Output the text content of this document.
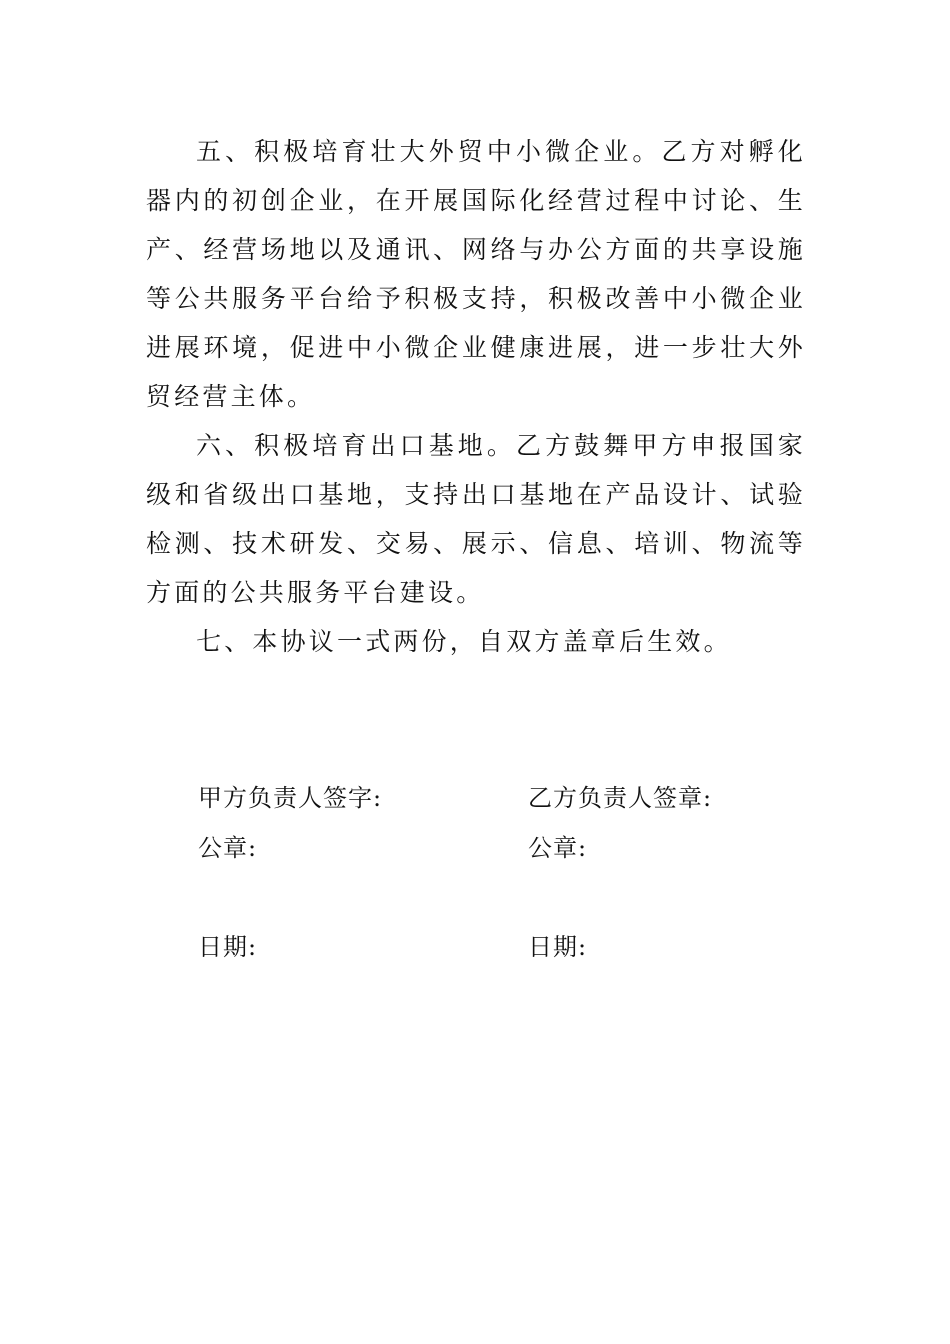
五、积极培育壮大外贸中小微企业。乙方对孵化器内的初创企业，在开展国际化经营过程中讨论、生产、经营场地以及通讯、网络与办公方面的共享设施等公共服务平台给予积极支持，积极改善中小微企业进展环境，促进中小微企业健康进展，进一步壮大外贸经营主体。

六、积极培育出口基地。乙方鼓舞甲方申报国家级和省级出口基地，支持出口基地在产品设计、试验检测、技术研发、交易、展示、信息、培训、物流等方面的公共服务平台建设。

七、本协议一式两份，自双方盖章后生效。

甲方负责人签字:	乙方负责人签章:
公章:	公章:
日期:	日期:
